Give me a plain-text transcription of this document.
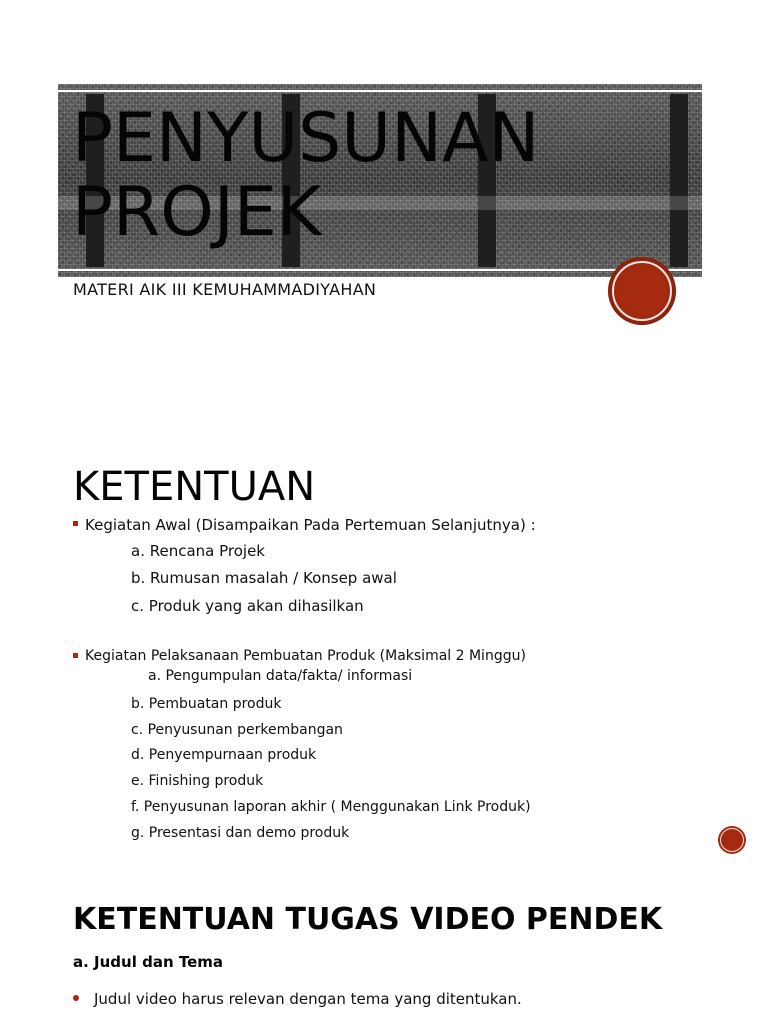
PENYUSUNAN
PROJEK

MATERI AIK III KEMUHAMMADIYAHAN

KETENTUAN
Kegiatan Awal (Disampaikan Pada Pertemuan Selanjutnya) :

a. Rencana Projek

b. Rumusan masalah / Konsep awal

c. Produk yang akan dihasilkan

Kegiatan Pelaksanaan Pembuatan Produk (Maksimal 2 Minggu)

a. Pengumpulan data/fakta/ informasi

b. Pembuatan produk

c. Penyusunan perkembangan

d. Penyempurnaan produk

e. Finishing produk

f. Penyusunan laporan akhir ( Menggunakan Link Produk)

g. Presentasi dan demo produk

KETENTUAN TUGAS VIDEO PENDEK

a. Judul dan Tema

Judul video harus relevan dengan tema yang ditentukan.
